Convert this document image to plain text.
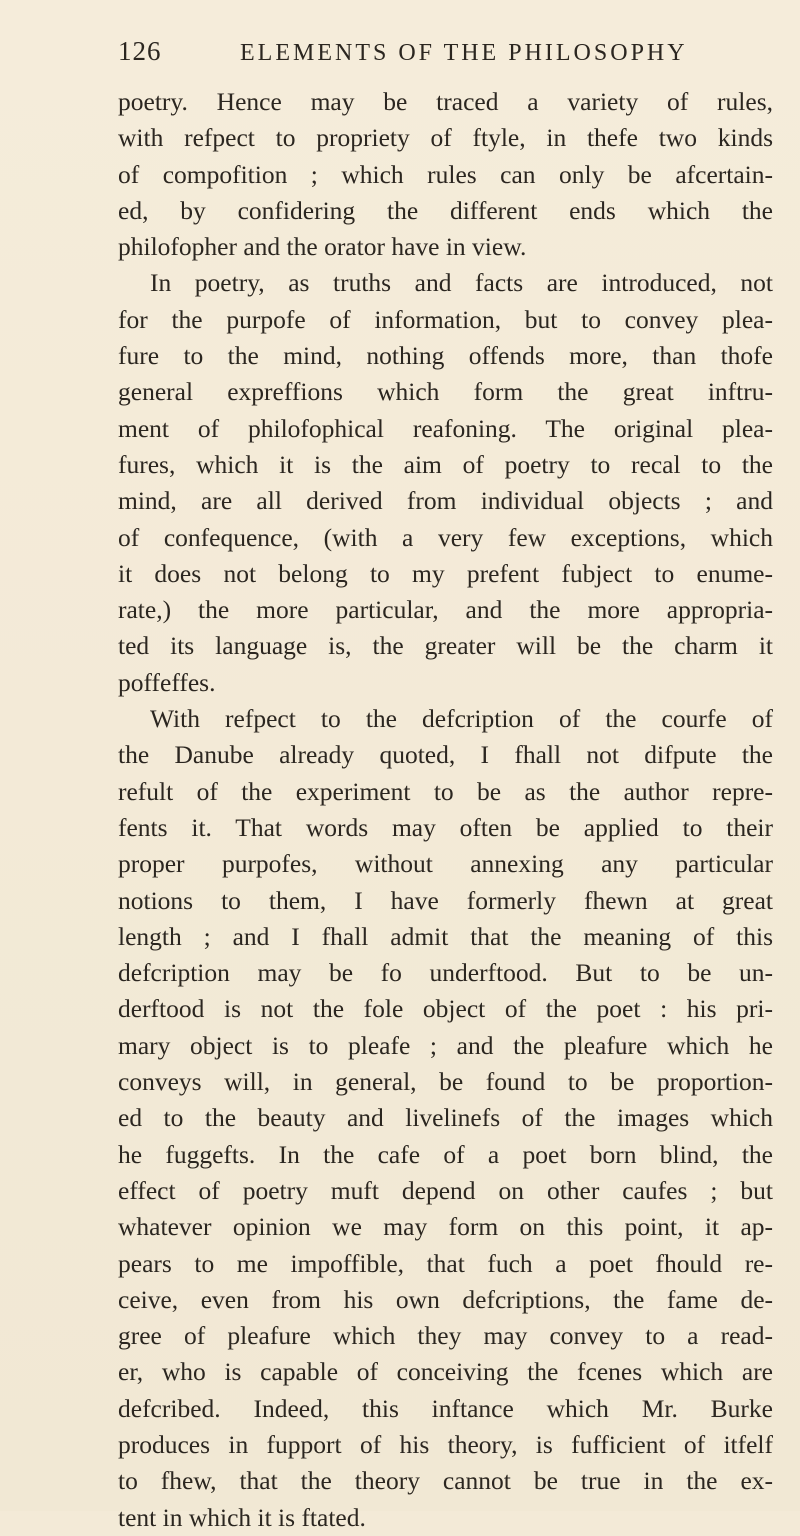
126	ELEMENTS OF THE PHILOSOPHY
poetry. Hence may be traced a variety of rules,
with refpect to propriety of ftyle, in thefe two kinds
of compofition ; which rules can only be afcertain-
ed, by confidering the different ends which the
philofopher and the orator have in view.
In poetry, as truths and facts are introduced, not
for the purpofe of information, but to convey plea-
fure to the mind, nothing offends more, than thofe
general expreffions which form the great inftru-
ment of philofophical reafoning. The original plea-
fures, which it is the aim of poetry to recal to the
mind, are all derived from individual objects ; and
of confequence, (with a very few exceptions, which
it does not belong to my prefent fubject to enume-
rate,) the more particular, and the more appropria-
ted its language is, the greater will be the charm it
poffeffes.
With refpect to the defcription of the courfe of
the Danube already quoted, I fhall not difpute the
refult of the experiment to be as the author repre-
fents it. That words may often be applied to their
proper purpofes, without annexing any particular
notions to them, I have formerly fhewn at great
length ; and I fhall admit that the meaning of this
defcription may be fo underftood. But to be un-
derftood is not the fole object of the poet : his pri-
mary object is to pleafe ; and the pleafure which he
conveys will, in general, be found to be proportion-
ed to the beauty and livelinefs of the images which
he fuggefts. In the cafe of a poet born blind, the
effect of poetry muft depend on other caufes ; but
whatever opinion we may form on this point, it ap-
pears to me impoffible, that fuch a poet fhould re-
ceive, even from his own defcriptions, the fame de-
gree of pleafure which they may convey to a read-
er, who is capable of conceiving the fcenes which are
defcribed. Indeed, this inftance which Mr. Burke
produces in fupport of his theory, is fufficient of itfelf
to fhew, that the theory cannot be true in the ex-
tent in which it is ftated.
